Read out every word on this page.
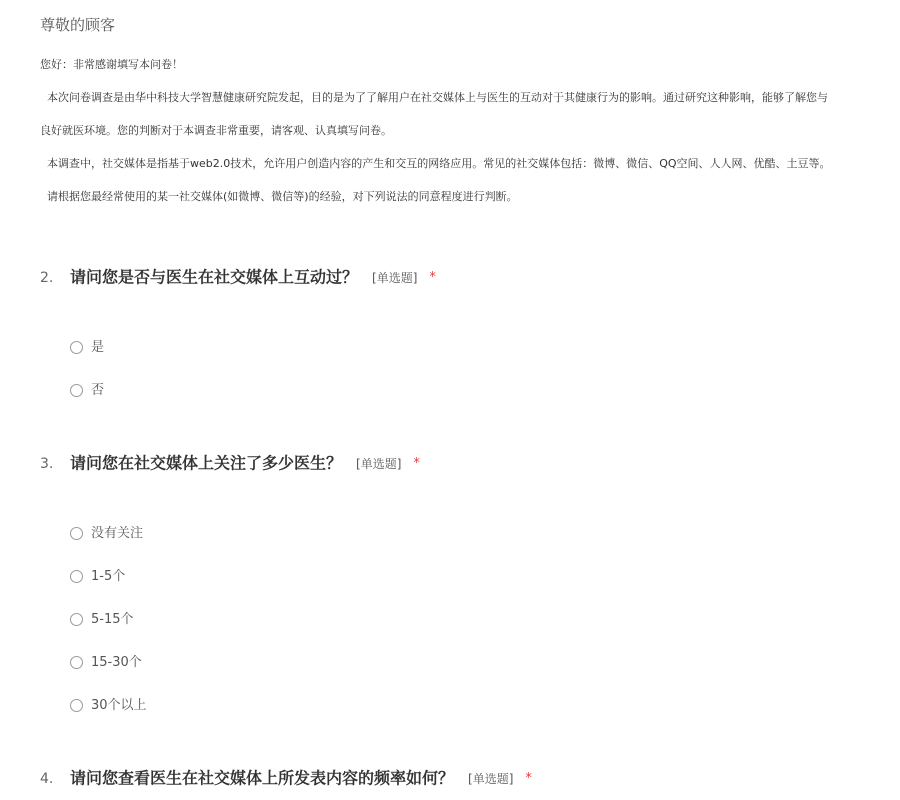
尊敬的顾客
您好：非常感谢填写本问卷！
本次问卷调查是由华中科技大学智慧健康研究院发起，目的是为了了解用户在社交媒体上与医生的互动对于其健康行为的影响。通过研究这种影响，能够了解您与
良好就医环境。您的判断对于本调查非常重要，请客观、认真填写问卷。
本调查中，社交媒体是指基于web2.0技术，允许用户创造内容的产生和交互的网络应用。常见的社交媒体包括：微博、微信、QQ空间、人人网、优酷、土豆等。
请根据您最经常使用的某一社交媒体(如微博、微信等)的经验，对下列说法的同意程度进行判断。
2. 请问您是否与医生在社交媒体上互动过？ [单选题] *
是
否
3. 请问您在社交媒体上关注了多少医生？ [单选题] *
没有关注
1-5个
5-15个
15-30个
30个以上
4. 请问您查看医生在社交媒体上所发表内容的频率如何？ [单选题] *
